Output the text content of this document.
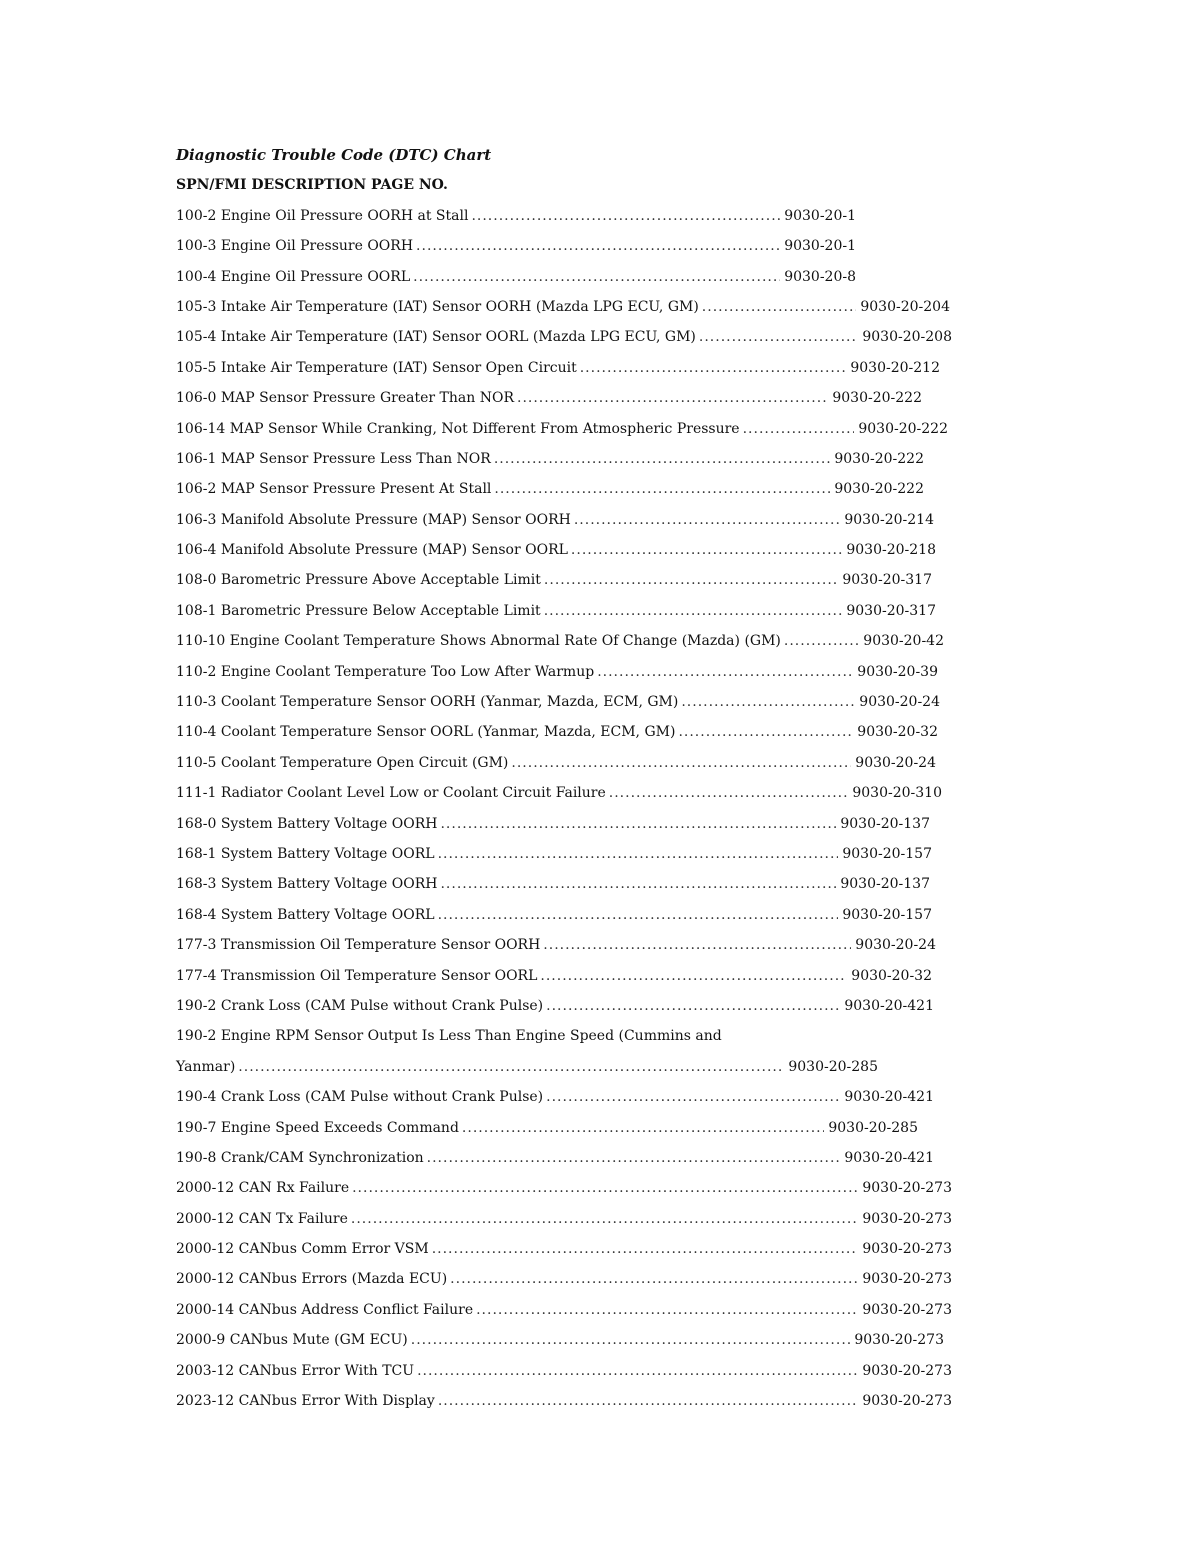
Diagnostic Trouble Code (DTC) Chart
SPN/FMI DESCRIPTION PAGE NO.
100-2 Engine Oil Pressure OORH at Stall .....	9030-20-1
100-3 Engine Oil Pressure OORH .....	9030-20-1
100-4 Engine Oil Pressure OORL .....	9030-20-8
105-3 Intake Air Temperature (IAT) Sensor OORH (Mazda LPG ECU, GM) .....	9030-20-204
105-4 Intake Air Temperature (IAT) Sensor OORL (Mazda LPG ECU, GM) .....	9030-20-208
105-5 Intake Air Temperature (IAT) Sensor Open Circuit .....	9030-20-212
106-0 MAP Sensor Pressure Greater Than NOR .....	9030-20-222
106-14 MAP Sensor While Cranking, Not Different From Atmospheric Pressure .....	9030-20-222
106-1 MAP Sensor Pressure Less Than NOR .....	9030-20-222
106-2 MAP Sensor Pressure Present At Stall .....	9030-20-222
106-3 Manifold Absolute Pressure (MAP) Sensor OORH .....	9030-20-214
106-4 Manifold Absolute Pressure (MAP) Sensor OORL .....	9030-20-218
108-0 Barometric Pressure Above Acceptable Limit .....	9030-20-317
108-1 Barometric Pressure Below Acceptable Limit .....	9030-20-317
110-10 Engine Coolant Temperature Shows Abnormal Rate Of Change (Mazda) (GM) .....	9030-20-42
110-2 Engine Coolant Temperature Too Low After Warmup .....	9030-20-39
110-3 Coolant Temperature Sensor OORH (Yanmar, Mazda, ECM, GM) .....	9030-20-24
110-4 Coolant Temperature Sensor OORL (Yanmar, Mazda, ECM, GM) .....	9030-20-32
110-5 Coolant Temperature Open Circuit (GM) .....	9030-20-24
111-1 Radiator Coolant Level Low or Coolant Circuit Failure .....	9030-20-310
168-0 System Battery Voltage OORH .....	9030-20-137
168-1 System Battery Voltage OORL .....	9030-20-157
168-3 System Battery Voltage OORH .....	9030-20-137
168-4 System Battery Voltage OORL .....	9030-20-157
177-3 Transmission Oil Temperature Sensor OORH .....	9030-20-24
177-4 Transmission Oil Temperature Sensor OORL .....	9030-20-32
190-2 Crank Loss (CAM Pulse without Crank Pulse) .....	9030-20-421
190-2 Engine RPM Sensor Output Is Less Than Engine Speed (Cummins and
Yanmar) .....	9030-20-285
190-4 Crank Loss (CAM Pulse without Crank Pulse) .....	9030-20-421
190-7 Engine Speed Exceeds Command .....	9030-20-285
190-8 Crank/CAM Synchronization .....	9030-20-421
2000-12 CAN Rx Failure .....	9030-20-273
2000-12 CAN Tx Failure .....	9030-20-273
2000-12 CANbus Comm Error VSM .....	9030-20-273
2000-12 CANbus Errors (Mazda ECU) .....	9030-20-273
2000-14 CANbus Address Conflict Failure .....	9030-20-273
2000-9 CANbus Mute (GM ECU) .....	9030-20-273
2003-12 CANbus Error With TCU .....	9030-20-273
2023-12 CANbus Error With Display .....	9030-20-273
